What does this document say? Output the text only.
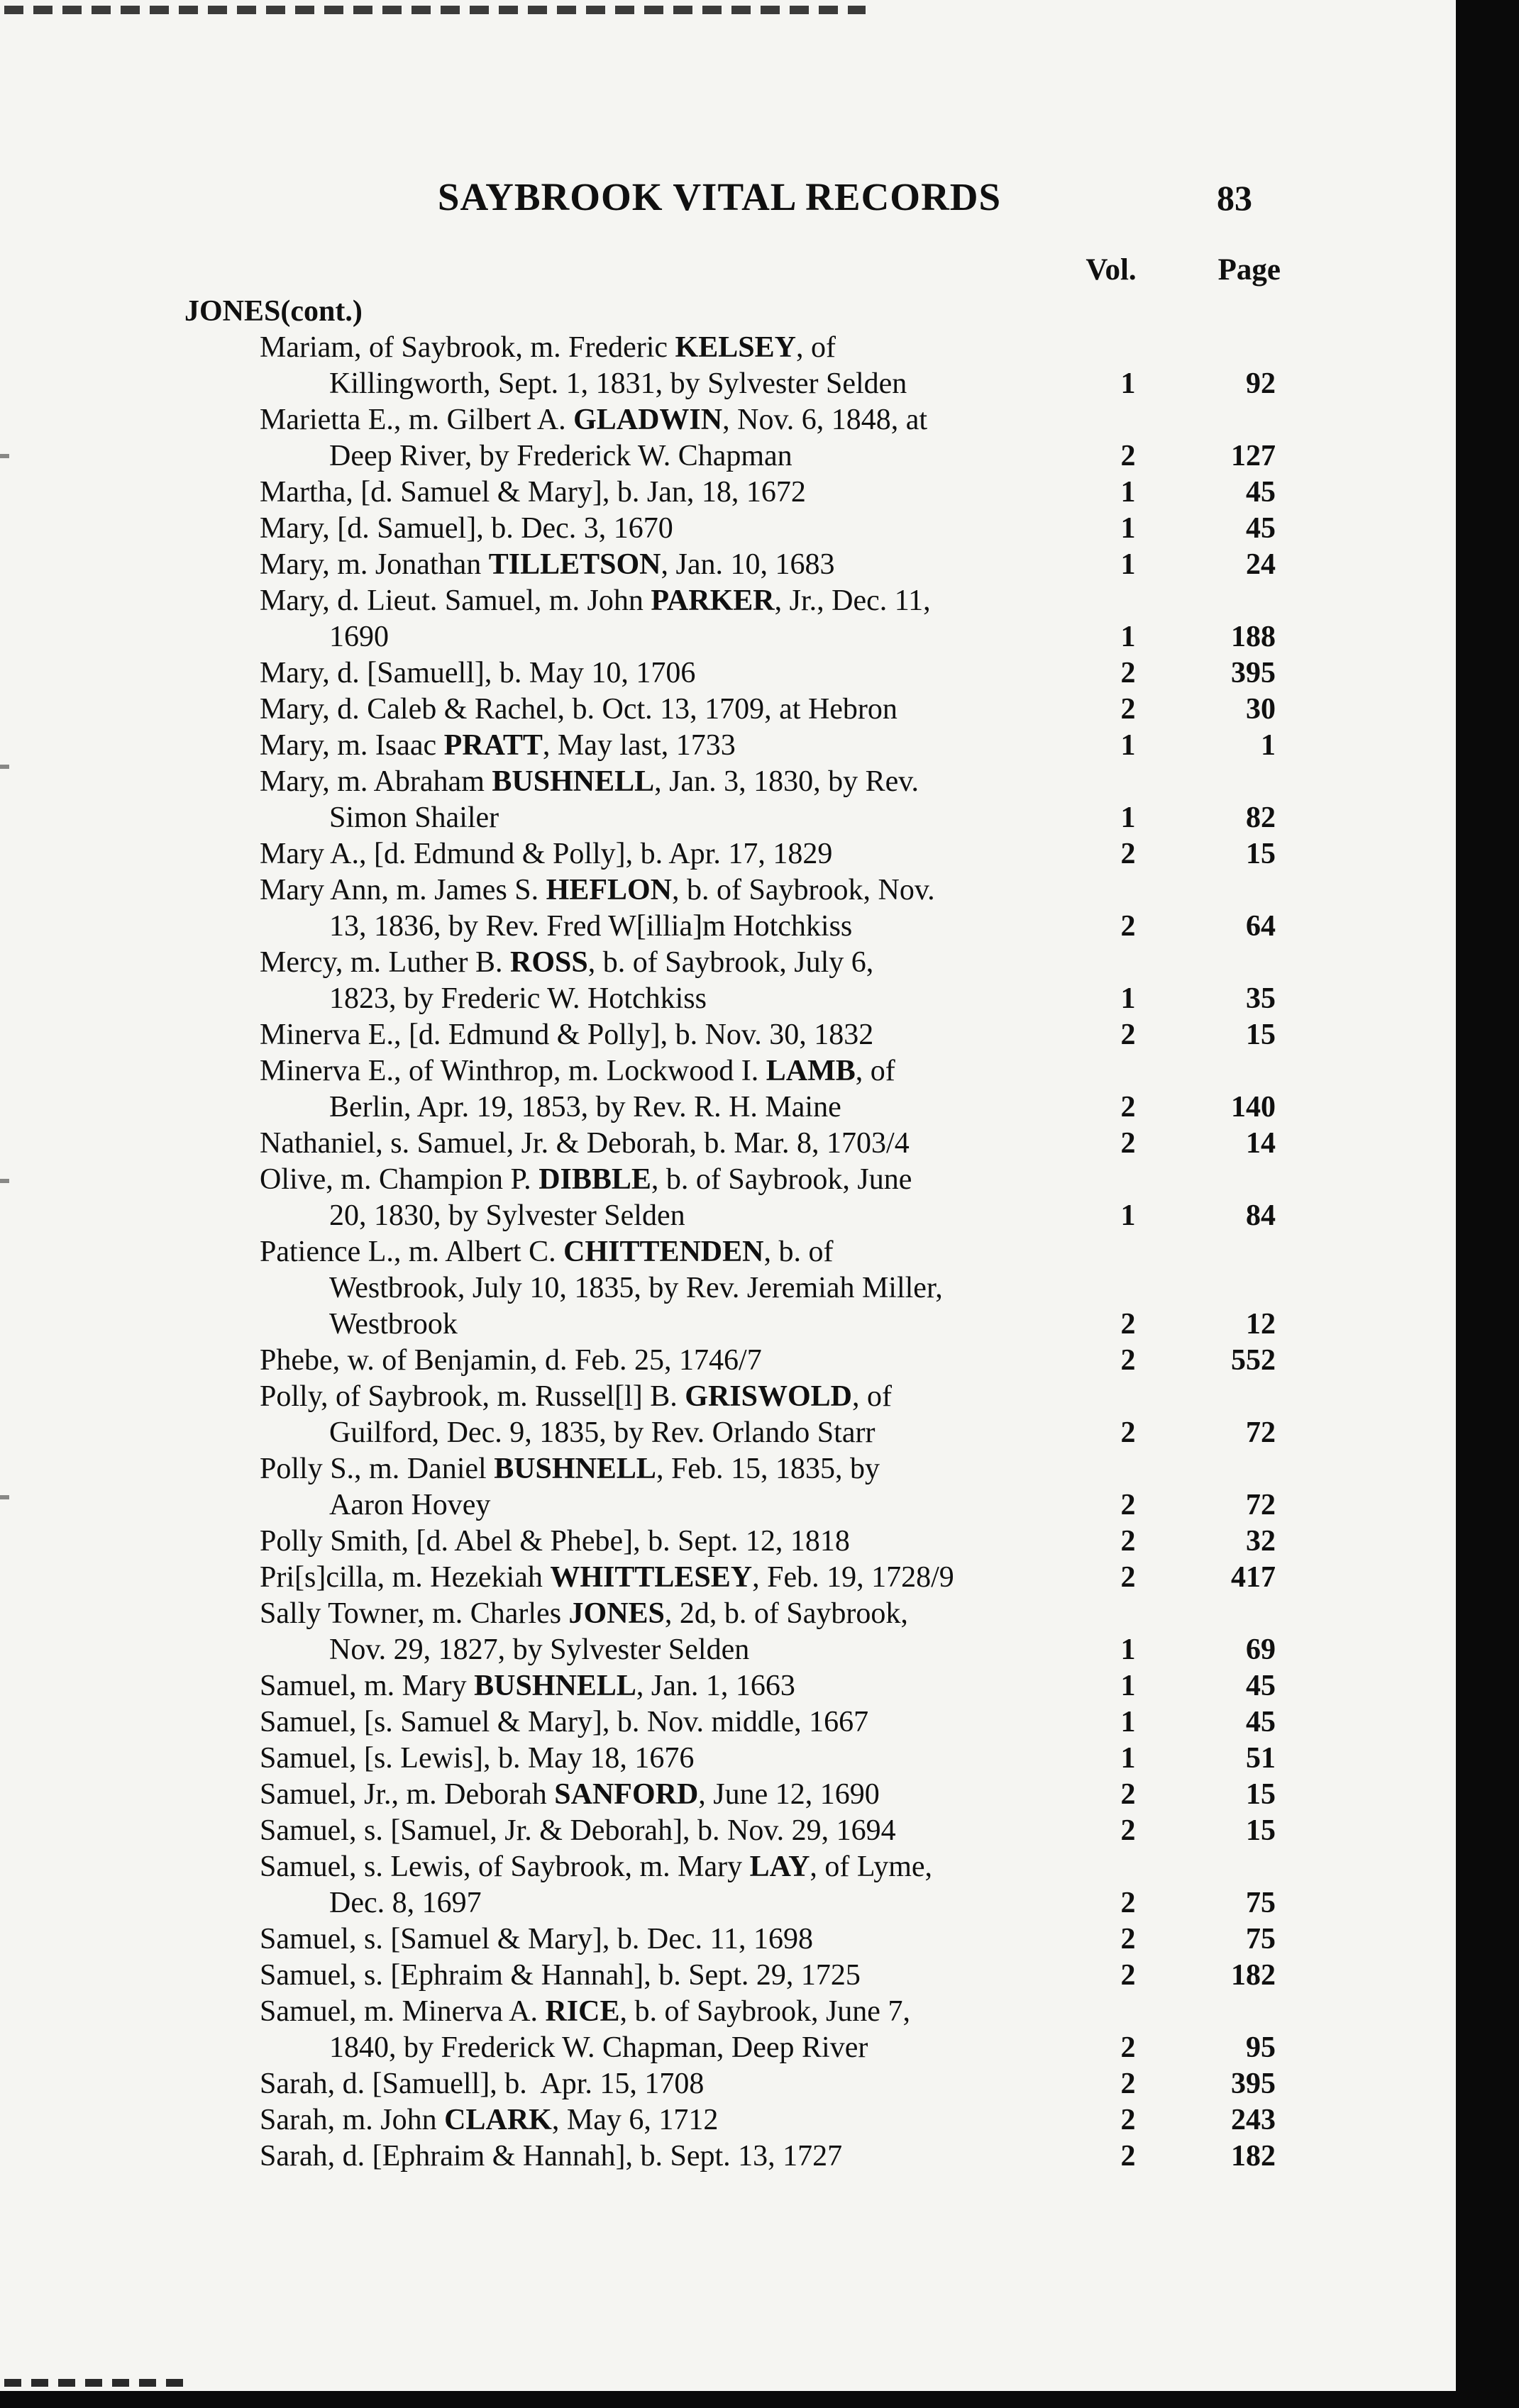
SAYBROOK VITAL RECORDS	83
Vol.	Page
JONES(cont.)
Mariam, of Saybrook, m. Frederic KELSEY, of
Killingworth, Sept. 1, 1831, by Sylvester Selden	1	92
Marietta E., m. Gilbert A. GLADWIN, Nov. 6, 1848, at
Deep River, by Frederick W. Chapman	2	127
Martha, [d. Samuel & Mary], b. Jan, 18, 1672	1	45
Mary, [d. Samuel], b. Dec. 3, 1670	1	45
Mary, m. Jonathan TILLETSON, Jan. 10, 1683	1	24
Mary, d. Lieut. Samuel, m. John PARKER, Jr., Dec. 11,
1690	1	188
Mary, d. [Samuell], b. May 10, 1706	2	395
Mary, d. Caleb & Rachel, b. Oct. 13, 1709, at Hebron	2	30
Mary, m. Isaac PRATT, May last, 1733	1	1
Mary, m. Abraham BUSHNELL, Jan. 3, 1830, by Rev.
Simon Shailer	1	82
Mary A., [d. Edmund & Polly], b. Apr. 17, 1829	2	15
Mary Ann, m. James S. HEFLON, b. of Saybrook, Nov.
13, 1836, by Rev. Fred W[illia]m Hotchkiss	2	64
Mercy, m. Luther B. ROSS, b. of Saybrook, July 6,
1823, by Frederic W. Hotchkiss	1	35
Minerva E., [d. Edmund & Polly], b. Nov. 30, 1832	2	15
Minerva E., of Winthrop, m. Lockwood I. LAMB, of
Berlin, Apr. 19, 1853, by Rev. R. H. Maine	2	140
Nathaniel, s. Samuel, Jr. & Deborah, b. Mar. 8, 1703/4	2	14
Olive, m. Champion P. DIBBLE, b. of Saybrook, June
20, 1830, by Sylvester Selden	1	84
Patience L., m. Albert C. CHITTENDEN, b. of
Westbrook, July 10, 1835, by Rev. Jeremiah Miller,
Westbrook	2	12
Phebe, w. of Benjamin, d. Feb. 25, 1746/7	2	552
Polly, of Saybrook, m. Russel[l] B. GRISWOLD, of
Guilford, Dec. 9, 1835, by Rev. Orlando Starr	2	72
Polly S., m. Daniel BUSHNELL, Feb. 15, 1835, by
Aaron Hovey	2	72
Polly Smith, [d. Abel & Phebe], b. Sept. 12, 1818	2	32
Pri[s]cilla, m. Hezekiah WHITTLESEY, Feb. 19, 1728/9	2	417
Sally Towner, m. Charles JONES, 2d, b. of Saybrook,
Nov. 29, 1827, by Sylvester Selden	1	69
Samuel, m. Mary BUSHNELL, Jan. 1, 1663	1	45
Samuel, [s. Samuel & Mary], b. Nov. middle, 1667	1	45
Samuel, [s. Lewis], b. May 18, 1676	1	51
Samuel, Jr., m. Deborah SANFORD, June 12, 1690	2	15
Samuel, s. [Samuel, Jr. & Deborah], b. Nov. 29, 1694	2	15
Samuel, s. Lewis, of Saybrook, m. Mary LAY, of Lyme,
Dec. 8, 1697	2	75
Samuel, s. [Samuel & Mary], b. Dec. 11, 1698	2	75
Samuel, s. [Ephraim & Hannah], b. Sept. 29, 1725	2	182
Samuel, m. Minerva A. RICE, b. of Saybrook, June 7,
1840, by Frederick W. Chapman, Deep River	2	95
Sarah, d. [Samuell], b.  Apr. 15, 1708	2	395
Sarah, m. John CLARK, May 6, 1712	2	243
Sarah, d. [Ephraim & Hannah], b. Sept. 13, 1727	2	182
